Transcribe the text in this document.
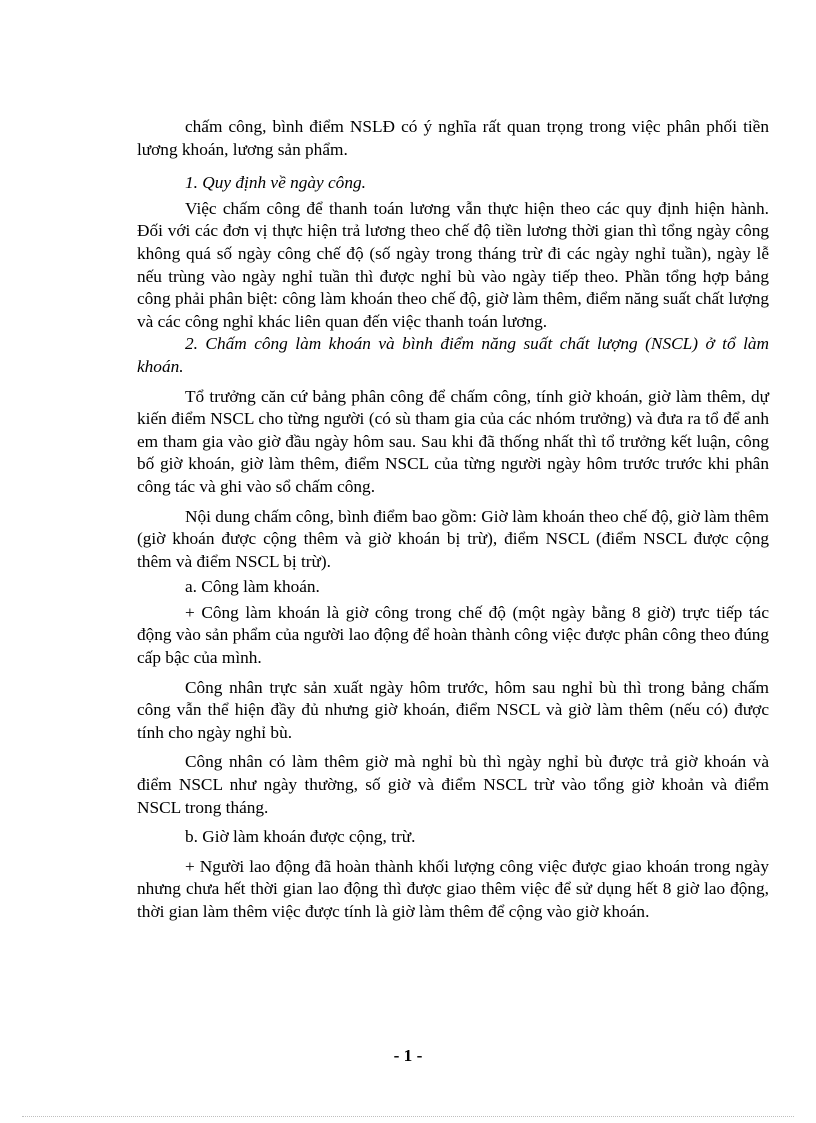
chấm công, bình điểm NSLĐ có ý nghĩa rất quan trọng trong việc phân phối tiền lương khoán, lương sản phẩm.

1. Quy định về ngày công.

Việc chấm công để thanh toán lương vẫn thực hiện theo các quy định hiện hành. Đối với các đơn vị thực hiện trả lương theo chế độ tiền lương thời gian thì tổng ngày công không quá số ngày công chế độ (số ngày trong tháng trừ đi các ngày nghỉ tuần), ngày lễ nếu trùng vào ngày nghỉ tuần thì được nghỉ bù vào ngày tiếp theo. Phần tổng hợp bảng công phải phân biệt: công làm khoán theo chế độ, giờ làm thêm, điểm năng suất chất lượng và các công nghỉ khác liên quan đến việc thanh toán lương.

2. Chấm công làm khoán và bình điểm năng suất chất lượng (NSCL) ở tổ làm khoán.

Tổ trưởng căn cứ bảng phân công để chấm công, tính giờ khoán, giờ làm thêm, dự kiến điểm NSCL cho từng người (có sù tham gia của các nhóm trưởng) và đưa ra tổ để anh em tham gia vào giờ đầu ngày hôm sau. Sau khi đã thống nhất thì tổ trưởng kết luận, công bố giờ khoán, giờ làm thêm, điểm NSCL của từng người ngày hôm trước trước khi phân công tác và ghi vào sổ chấm công.

Nội dung chấm công, bình điểm bao gồm: Giờ làm khoán theo chế độ, giờ làm thêm (giờ khoán được cộng thêm và giờ khoán bị trừ), điểm NSCL (điểm NSCL được cộng thêm và điểm NSCL bị trừ).

a. Công làm khoán.

+ Công làm khoán là giờ công trong chế độ (một ngày bằng 8 giờ) trực tiếp tác động vào sản phẩm của người lao động để hoàn thành công việc được phân công theo đúng cấp bậc của mình.

Công nhân trực sản xuất ngày hôm trước, hôm sau nghỉ bù thì trong bảng chấm công vẫn thể hiện đầy đủ nhưng giờ khoán, điểm NSCL và giờ làm thêm (nếu có) được tính cho ngày nghỉ bù.

Công nhân có làm thêm giờ mà nghỉ bù thì ngày nghỉ bù được trả giờ khoán và điểm NSCL như ngày thường, số giờ và điểm NSCL trừ vào tổng giờ khoản và điểm NSCL trong tháng.

b. Giờ làm khoán được cộng, trừ.

+ Người lao động đã hoàn thành khối lượng công việc được giao khoán trong ngày nhưng chưa hết thời gian lao động thì được giao thêm việc để sử dụng hết 8 giờ lao động, thời gian làm thêm việc được tính là giờ làm thêm để cộng vào giờ khoán.

- 1 -
